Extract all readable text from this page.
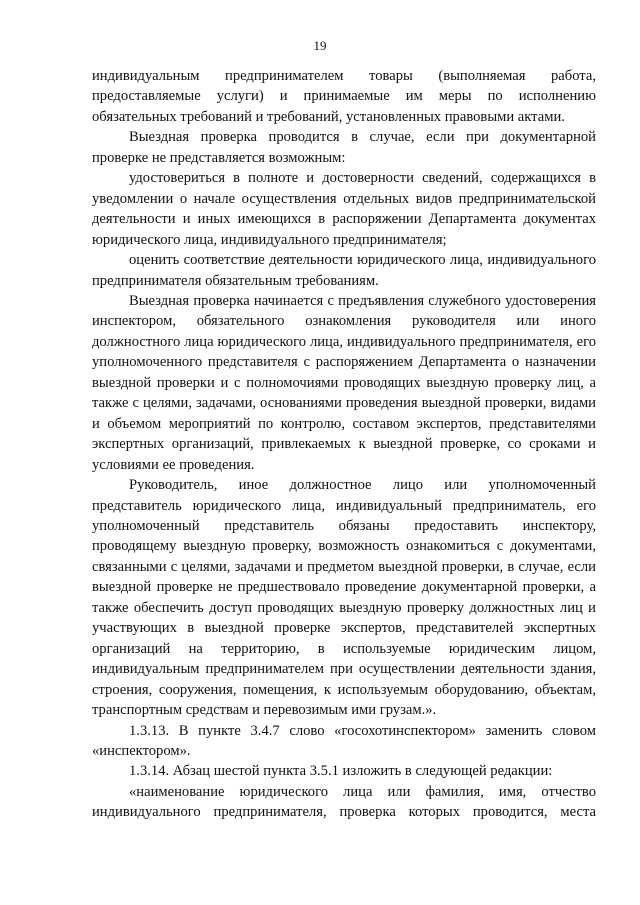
19

индивидуальным предпринимателем товары (выполняемая работа, предоставляемые услуги) и принимаемые им меры по исполнению обязательных требований и требований, установленных правовыми актами.

Выездная проверка проводится в случае, если при документарной проверке не представляется возможным:

удостовериться в полноте и достоверности сведений, содержащихся в уведомлении о начале осуществления отдельных видов предпринимательской деятельности и иных имеющихся в распоряжении Департамента документах юридического лица, индивидуального предпринимателя;

оценить соответствие деятельности юридического лица, индивидуального предпринимателя обязательным требованиям.

Выездная проверка начинается с предъявления служебного удостоверения инспектором, обязательного ознакомления руководителя или иного должностного лица юридического лица, индивидуального предпринимателя, его уполномоченного представителя с распоряжением Департамента о назначении выездной проверки и с полномочиями проводящих выездную проверку лиц, а также с целями, задачами, основаниями проведения выездной проверки, видами и объемом мероприятий по контролю, составом экспертов, представителями экспертных организаций, привлекаемых к выездной проверке, со сроками и условиями ее проведения.

Руководитель, иное должностное лицо или уполномоченный представитель юридического лица, индивидуальный предприниматель, его уполномоченный представитель обязаны предоставить инспектору, проводящему выездную проверку, возможность ознакомиться с документами, связанными с целями, задачами и предметом выездной проверки, в случае, если выездной проверке не предшествовало проведение документарной проверки, а также обеспечить доступ проводящих выездную проверку должностных лиц и участвующих в выездной проверке экспертов, представителей экспертных организаций на территорию, в используемые юридическим лицом, индивидуальным предпринимателем при осуществлении деятельности здания, строения, сооружения, помещения, к используемым оборудованию, объектам, транспортным средствам и перевозимым ими грузам.».

1.3.13. В пункте 3.4.7 слово «госохотинспектором» заменить словом «инспектором».

1.3.14. Абзац шестой пункта 3.5.1 изложить в следующей редакции:

«наименование юридического лица или фамилия, имя, отчество индивидуального предпринимателя, проверка которых проводится, места
